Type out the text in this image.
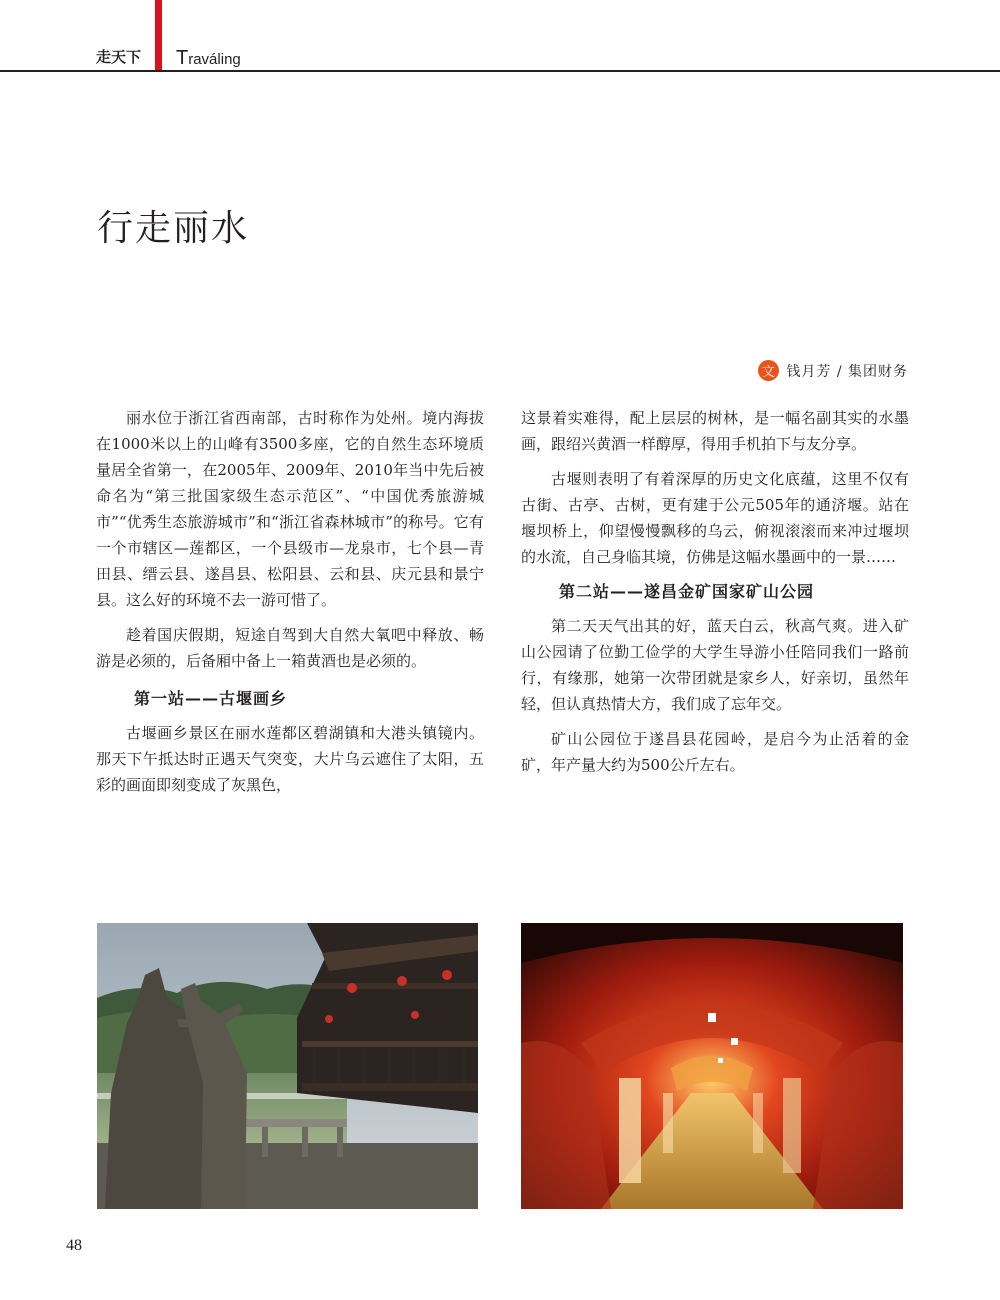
走天下 Traváling
行走丽水
文 钱月芳 / 集团财务

丽水位于浙江省西南部，古时称作为处州。境内海拔在1000米以上的山峰有3500多座，它的自然生态环境质量居全省第一，在2005年、2009年、2010年当中先后被命名为“第三批国家级生态示范区”、“中国优秀旅游城市”“优秀生态旅游城市”和“浙江省森林城市”的称号。它有一个市辖区—莲都区，一个县级市—龙泉市，七个县—青田县、缙云县、遂昌县、松阳县、云和县、庆元县和景宁县。这么好的环境不去一游可惜了。

趁着国庆假期，短途自驾到大自然大氧吧中释放、畅游是必须的，后备厢中备上一箱黄酒也是必须的。

第一站——古堰画乡

古堰画乡景区在丽水莲都区碧湖镇和大港头镇镜内。那天下午抵达时正遇天气突变，大片乌云遮住了太阳，五彩的画面即刻变成了灰黑色，

这景着实难得，配上层层的树林，是一幅名副其实的水墨画，跟绍兴黄酒一样醇厚，得用手机拍下与友分享。

古堰则表明了有着深厚的历史文化底蕴，这里不仅有古街、古亭、古树，更有建于公元505年的通济堰。站在堰坝桥上，仰望慢慢飘移的乌云，俯视滚滚而来冲过堰坝的水流，自己身临其境，仿佛是这幅水墨画中的一景……

第二站——遂昌金矿国家矿山公园

第二天天气出其的好，蓝天白云，秋高气爽。进入矿山公园请了位勤工俭学的大学生导游小任陪同我们一路前行，有缘那，她第一次带团就是家乡人，好亲切，虽然年轻，但认真热情大方，我们成了忘年交。

矿山公园位于遂昌县花园岭，是启今为止活着的金矿，年产量大约为500公斤左右。

48
